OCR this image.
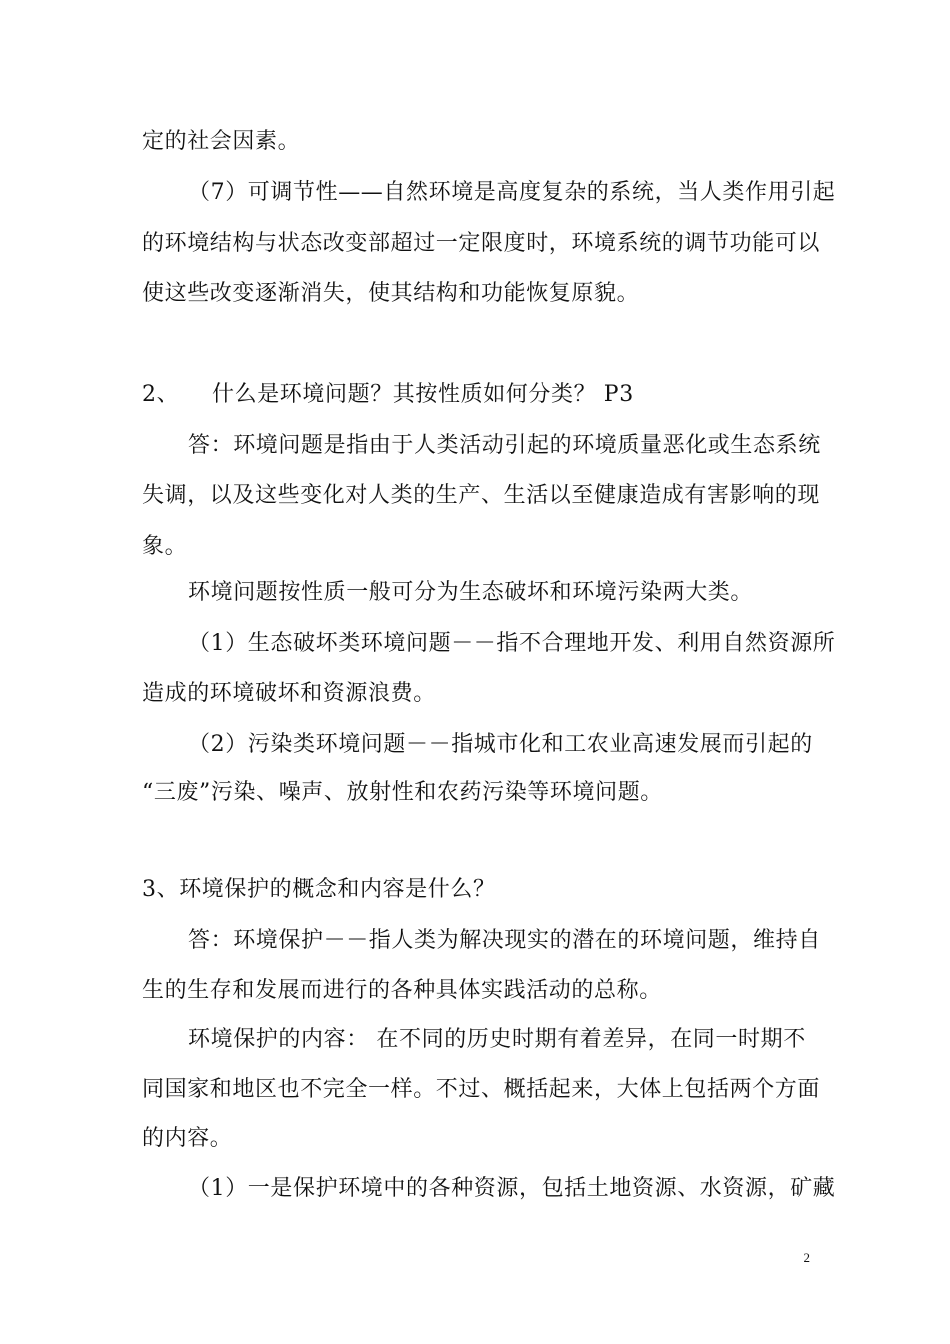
定的社会因素。
（7）可调节性——自然环境是高度复杂的系统，当人类作用引起
的环境结构与状态改变部超过一定限度时，环境系统的调节功能可以
使这些改变逐渐消失，使其结构和功能恢复原貌。
2、 什么是环境问题？其按性质如何分类？ P3
答：环境问题是指由于人类活动引起的环境质量恶化或生态系统
失调，以及这些变化对人类的生产、生活以至健康造成有害影响的现
象。
环境问题按性质一般可分为生态破坏和环境污染两大类。
（1）生态破坏类环境问题－－指不合理地开发、利用自然资源所
造成的环境破坏和资源浪费。
（2）污染类环境问题－－指城市化和工农业高速发展而引起的
“三废”污染、噪声、放射性和农药污染等环境问题。
3、环境保护的概念和内容是什么？
答：环境保护－－指人类为解决现实的潜在的环境问题，维持自
生的生存和发展而进行的各种具体实践活动的总称。
环境保护的内容： 在不同的历史时期有着差异，在同一时期不
同国家和地区也不完全一样。不过、概括起来，大体上包括两个方面
的内容。
（1）一是保护环境中的各种资源，包括土地资源、水资源，矿藏
2
